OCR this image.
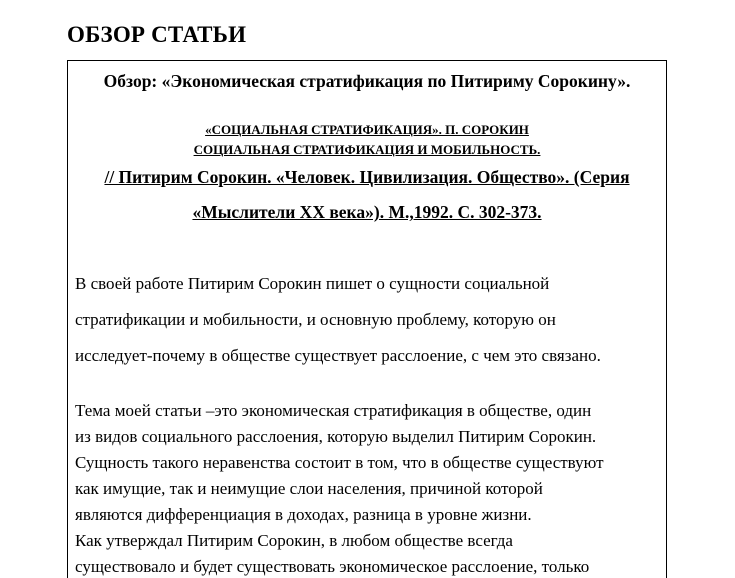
ОБЗОР СТАТЬИ
Обзор: «Экономическая стратификация по Питириму Сорокину».
«СОЦИАЛЬНАЯ СТРАТИФИКАЦИЯ». П. СОРОКИН
СОЦИАЛЬНАЯ СТРАТИФИКАЦИЯ И МОБИЛЬНОСТЬ.
// Питирим Сорокин. «Человек. Цивилизация. Общество». (Серия
«Мыслители XX века»). М.,1992. С. 302-373.
В своей работе Питирим Сорокин пишет о сущности социальной
стратификации и мобильности, и основную проблему, которую он
исследует-почему в обществе существует расслоение, с чем это связано.
Тема моей статьи –это экономическая стратификация в обществе, один
из видов социального расслоения, которую выделил Питирим Сорокин.
Сущность такого неравенства состоит в том, что в обществе существуют
как имущие, так и неимущие слои населения, причиной которой
являются дифференциация в доходах, разница в уровне жизни.
Как утверждал Питирим Сорокин, в любом обществе всегда
существовало и будет существовать экономическое расслоение, только
